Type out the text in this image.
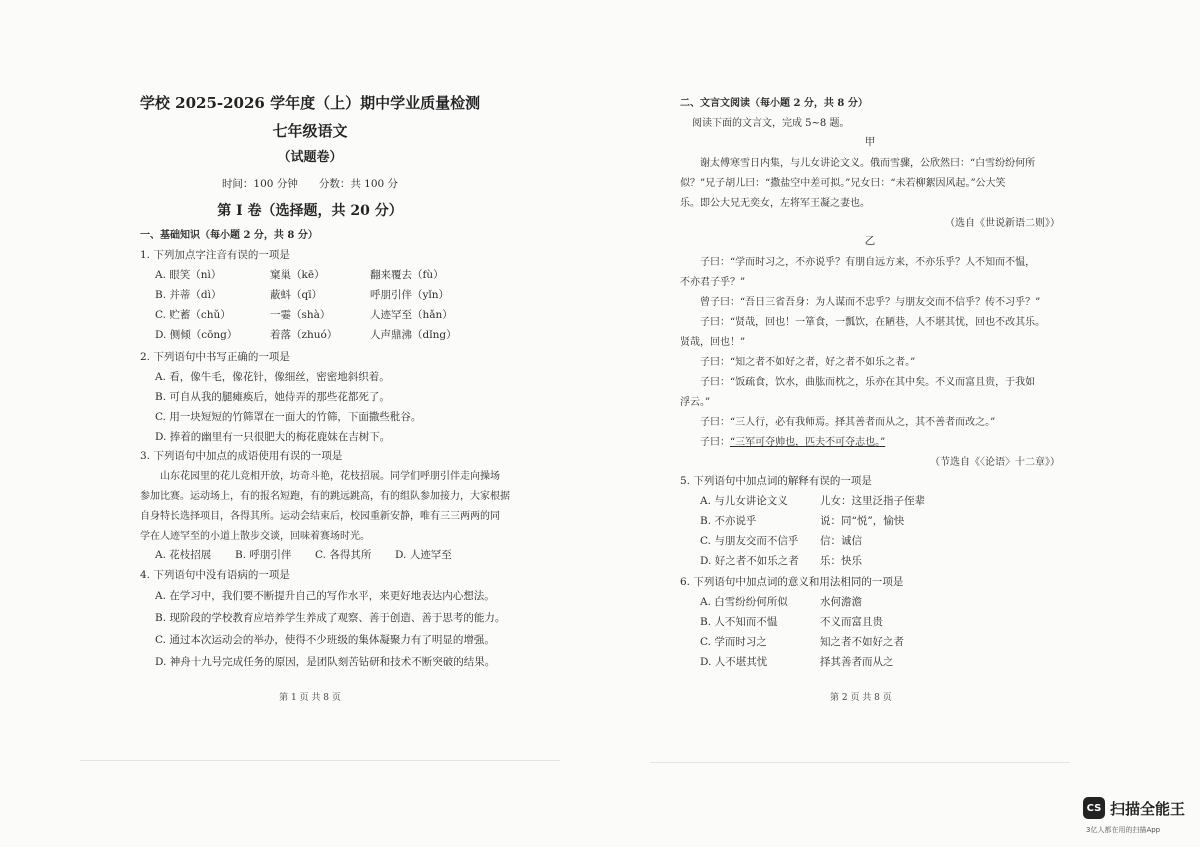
学校 2025-2026 学年度（上）期中学业质量检测
七年级语文
（试题卷）
时间：100 分钟　　分数：共 100 分
第 I 卷（选择题，共 20 分）
一、基础知识（每小题 2 分，共 8 分）
1. 下列加点字注音有误的一项是
A. 眼笑（nì）	窠巢（kē）	翻来覆去（fù）
B. 并蒂（dì）	蔽蚪（qī）	呼朋引伴（yǐn）
C. 贮蓄（chǔ）	一霎（shà）	人迹罕至（hǎn）
D. 侧倾（cōng）	着落（zhuó）	人声鼎沸（dǐng）
2. 下列语句中书写正确的一项是
A. 看，像牛毛，像花针，像细丝，密密地斜织着。
B. 可自从我的腿瘫痪后，她侍弄的那些花都死了。
C. 用一块短短的竹筛罩在一面大的竹筛，下面撒些秕谷。
D. 捧着的幽里有一只很肥大的梅花鹿妹在吉树下。
3. 下列语句中加点的成语使用有误的一项是
　　山东花园里的花儿竞相开放，坊奇斗艳，花枝招展。同学们呼朋引伴走向操场
参加比赛。运动场上，有的报名短跑，有的跳远跳高，有的组队参加接力，大家根据
自身特长选择项目，各得其所。运动会结束后，校园重新安静，唯有三三两两的同
学在人迹罕至的小道上散步交谈，回味着赛场时光。
A. 花枝招展 B. 呼朋引伴 C. 各得其所 D. 人迹罕至
4. 下列语句中没有语病的一项是
A. 在学习中，我们要不断提升自己的写作水平，来更好地表达内心想法。
B. 现阶段的学校教育应培养学生养成了观察、善于创造、善于思考的能力。
C. 通过本次运动会的举办，使得不少班级的集体凝聚力有了明显的增强。
D. 神舟十九号完成任务的原因，是团队刻苦钻研和技术不断突破的结果。
第 1 页 共 8 页
二、文言文阅读（每小题 2 分，共 8 分）
阅读下面的文言文，完成 5~8 题。
甲
　　谢太傅寒雪日内集，与儿女讲论文义。俄而雪骤，公欣然曰：“白雪纷纷何所
似？”兄子胡儿曰：“撒盐空中差可拟。”兄女曰：“未若柳絮因风起。”公大笑
乐。即公大兄无奕女，左将军王凝之妻也。
（选自《世说新语二则》）
乙
　　子曰：“学而时习之，不亦说乎？有朋自远方来，不亦乐乎？人不知而不愠，
不亦君子乎？”
　　曾子曰：“吾日三省吾身：为人谋而不忠乎？与朋友交而不信乎？传不习乎？”
　　子曰：“贤哉，回也！一箪食，一瓢饮，在陋巷，人不堪其忧，回也不改其乐。
贤哉，回也！”
　　子曰：“知之者不如好之者，好之者不如乐之者。”
　　子曰：“饭疏食，饮水，曲肱而枕之，乐亦在其中矣。不义而富且贵，于我如
浮云。”
　　子曰：“三人行，必有我师焉。择其善者而从之，其不善者而改之。”
　　子曰：“三军可夺帅也，匹夫不可夺志也。”
（节选自《〈论语〉十二章》）
5. 下列语句中加点词的解释有误的一项是
A. 与儿女讲论文义	儿女：这里泛指子侄辈
B. 不亦说乎	说：同“悦”，愉快
C. 与朋友交而不信乎 信：诚信
D. 好之者不如乐之者 乐：快乐
6. 下列语句中加点词的意义和用法相同的一项是
A. 白雪纷纷何所似	水何澹澹
B. 人不知而不愠	不义而富且贵
C. 学而时习之	知之者不如好之者
D. 人不堪其忧	择其善者而从之
第 2 页 共 8 页
CS 扫描全能王
3亿人都在用的扫描App
